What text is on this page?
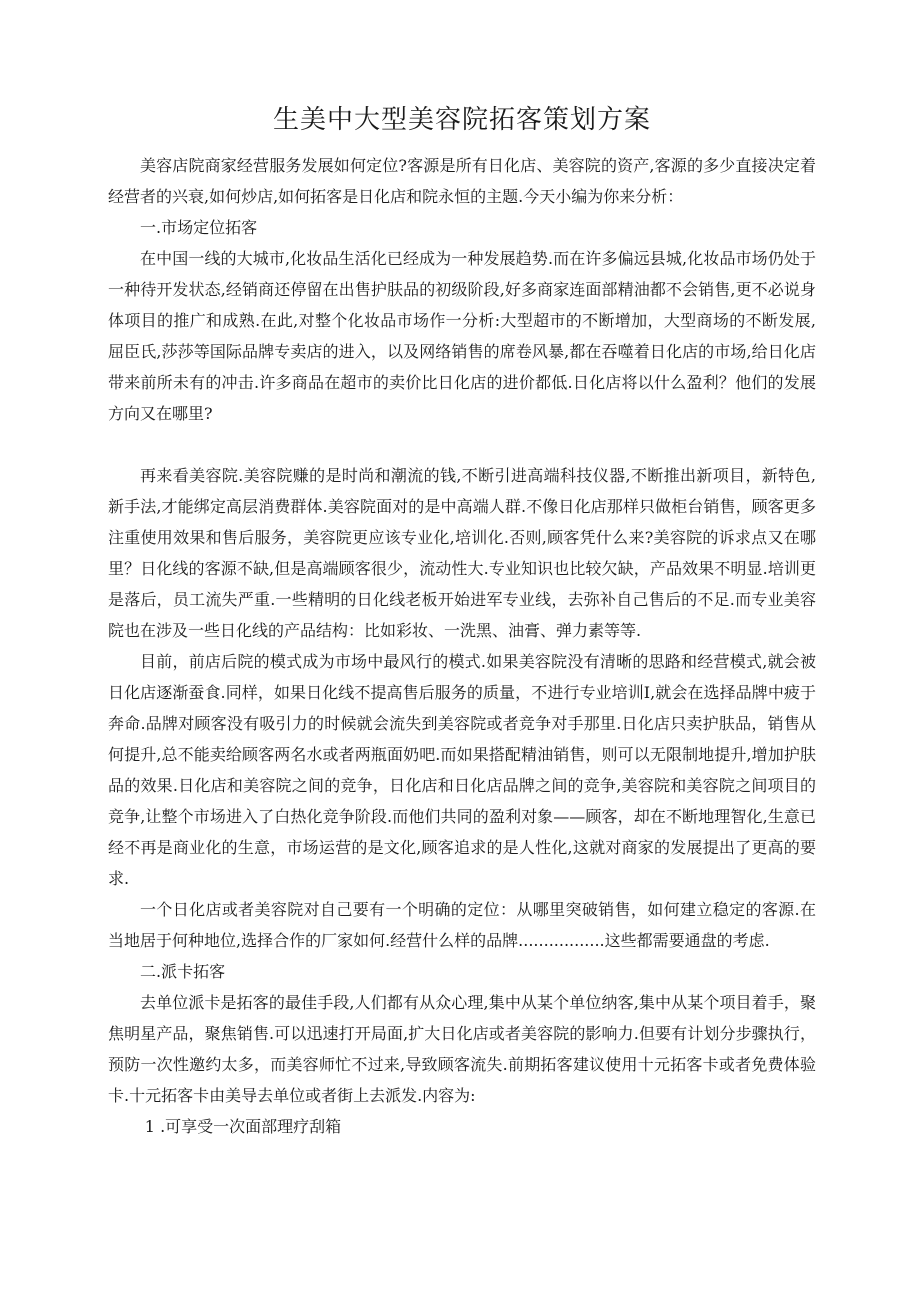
生美中大型美容院拓客策划方案

美容店院商家经营服务发展如何定位?客源是所有日化店、美容院的资产,客源的多少直接决定着经营者的兴衰,如何炒店,如何拓客是日化店和院永恒的主题.今天小编为你来分析：

一.市场定位拓客

在中国一线的大城市,化妆品生活化已经成为一种发展趋势.而在许多偏远县城,化妆品市场仍处于一种待开发状态,经销商还停留在出售护肤品的初级阶段,好多商家连面部精油都不会销售,更不必说身体项目的推广和成熟.在此,对整个化妆品市场作一分析:大型超市的不断增加，大型商场的不断发展,屈臣氏,莎莎等国际品牌专卖店的进入，以及网络销售的席卷风暴,都在吞噬着日化店的市场,给日化店带来前所未有的冲击.许多商品在超市的卖价比日化店的进价都低.日化店将以什么盈利？他们的发展方向又在哪里?

再来看美容院.美容院赚的是时尚和潮流的钱,不断引进高端科技仪器,不断推出新项目，新特色,新手法,才能绑定高层消费群体.美容院面对的是中高端人群.不像日化店那样只做柜台销售，顾客更多注重使用效果和售后服务，美容院更应该专业化,培训化.否则,顾客凭什么来?美容院的诉求点又在哪里？日化线的客源不缺,但是高端顾客很少，流动性大.专业知识也比较欠缺，产品效果不明显.培训更是落后，员工流失严重.一些精明的日化线老板开始进军专业线，去弥补自己售后的不足.而专业美容院也在涉及一些日化线的产品结构：比如彩妆、一洗黑、油膏、弹力素等等.

目前，前店后院的模式成为市场中最风行的模式.如果美容院没有清晰的思路和经营模式,就会被日化店逐渐蚕食.同样，如果日化线不提高售后服务的质量，不进行专业培训I,就会在选择品牌中疲于奔命.品牌对顾客没有吸引力的时候就会流失到美容院或者竞争对手那里.日化店只卖护肤品，销售从何提升,总不能卖给顾客两名水或者两瓶面奶吧.而如果搭配精油销售，则可以无限制地提升,增加护肤品的效果.日化店和美容院之间的竞争，日化店和日化店品牌之间的竞争,美容院和美容院之间项目的竞争,让整个市场进入了白热化竞争阶段.而他们共同的盈利对象——顾客，却在不断地理智化,生意已经不再是商业化的生意，市场运营的是文化,顾客追求的是人性化,这就对商家的发展提出了更高的要求.

一个日化店或者美容院对自己要有一个明确的定位：从哪里突破销售，如何建立稳定的客源.在当地居于何种地位,选择合作的厂家如何.经营什么样的品牌.................这些都需要通盘的考虑.

二.派卡拓客

去单位派卡是拓客的最佳手段,人们都有从众心理,集中从某个单位纳客,集中从某个项目着手，聚焦明星产品，聚焦销售.可以迅速打开局面,扩大日化店或者美容院的影响力.但要有计划分步骤执行，预防一次性邀约太多，而美容师忙不过来,导致顾客流失.前期拓客建议使用十元拓客卡或者免费体验卡.十元拓客卡由美导去单位或者街上去派发.内容为:

1 .可享受一次面部理疗刮箱
